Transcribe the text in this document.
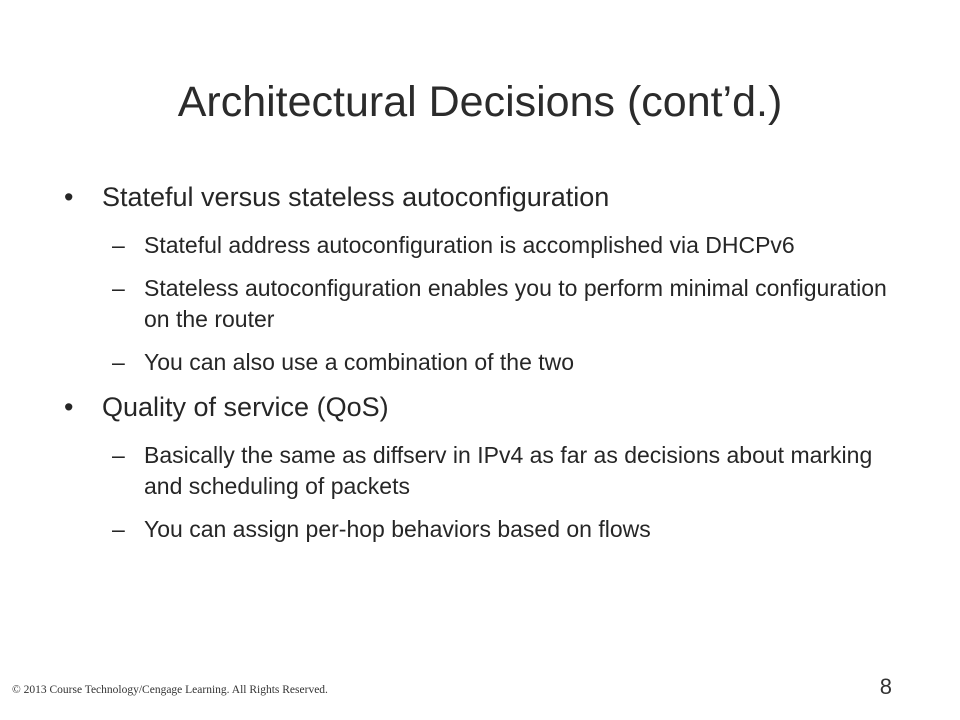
Architectural Decisions (cont’d.)
• Stateful versus stateless autoconfiguration
– Stateful address autoconfiguration is accomplished via DHCPv6
– Stateless autoconfiguration enables you to perform minimal configuration on the router
– You can also use a combination of the two
• Quality of service (QoS)
– Basically the same as diffserv in IPv4 as far as decisions about marking and scheduling of packets
– You can assign per-hop behaviors based on flows
© 2013 Course Technology/Cengage Learning. All Rights Reserved.	8
